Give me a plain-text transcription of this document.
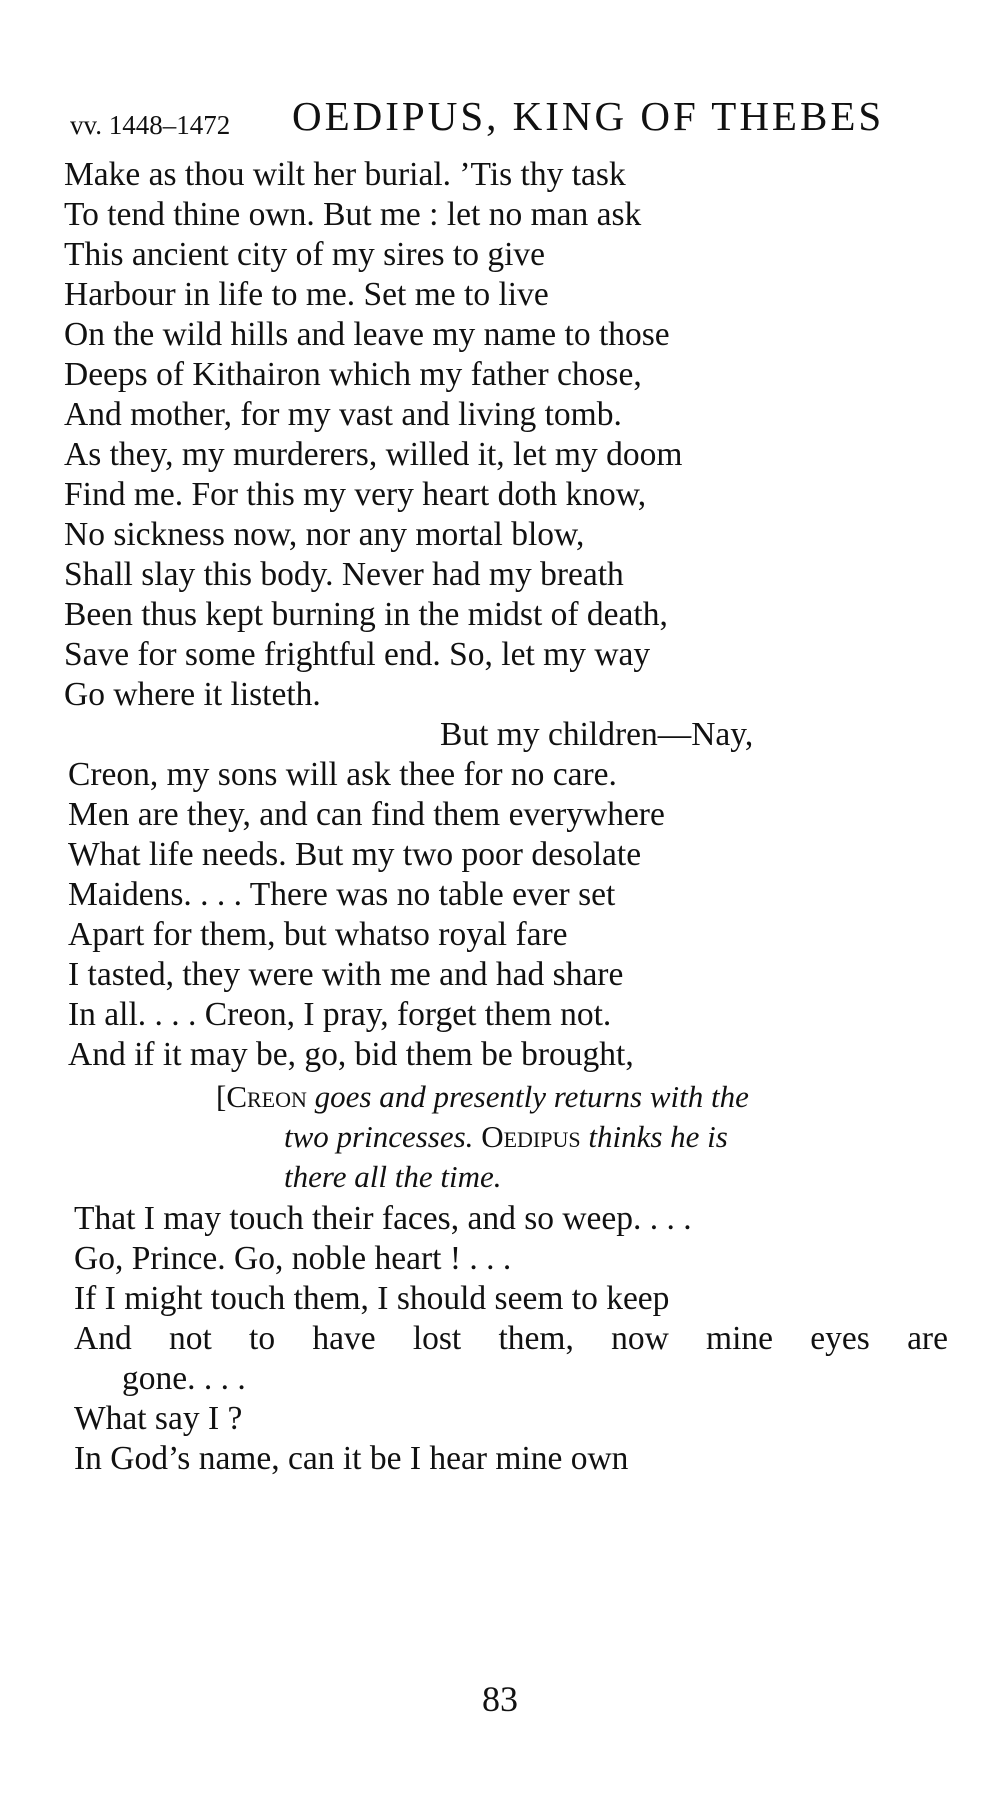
vv. 1448–1472 OEDIPUS, KING OF THEBES
Make as thou wilt her burial. ’Tis thy task
To tend thine own. But me : let no man ask
This ancient city of my sires to give
Harbour in life to me. Set me to live
On the wild hills and leave my name to those
Deeps of Kithairon which my father chose,
And mother, for my vast and living tomb.
As they, my murderers, willed it, let my doom
Find me. For this my very heart doth know,
No sickness now, nor any mortal blow,
Shall slay this body. Never had my breath
Been thus kept burning in the midst of death,
Save for some frightful end. So, let my way
Go where it listeth.
But my children—Nay,
Creon, my sons will ask thee for no care.
Men are they, and can find them everywhere
What life needs. But my two poor desolate
Maidens. . . . There was no table ever set
Apart for them, but whatso royal fare
I tasted, they were with me and had share
In all. . . . Creon, I pray, forget them not.
And if it may be, go, bid them be brought,
[Creon goes and presently returns with the
two princesses. Oedipus thinks he is
there all the time.
That I may touch their faces, and so weep. . . .
Go, Prince. Go, noble heart ! . . .
If I might touch them, I should seem to keep
And not to have lost them, now mine eyes are
gone. . . .
What say I ?
In God’s name, can it be I hear mine own
83
